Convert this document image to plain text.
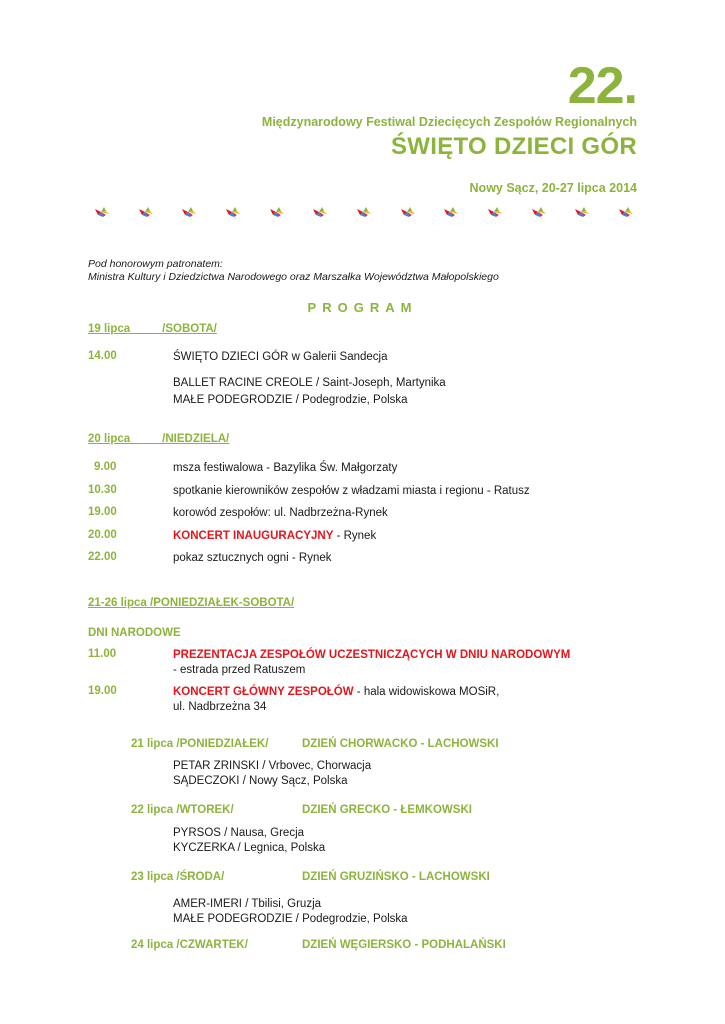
22.
Międzynarodowy Festiwal Dziecięcych Zespołów Regionalnych
ŚWIĘTO DZIECI GÓR
Nowy Sącz, 20-27 lipca 2014
Pod honorowym patronatem:
Ministra Kultury i Dziedzictwa Narodowego oraz Marszałka Województwa Małopolskiego
PROGRAM
19 lipca          /SOBOTA/
14.00	ŚWIĘTO DZIECI GÓR w Galerii Sandecja
BALLET RACINE CREOLE / Saint-Joseph, Martynika
MAŁE PODEGRODZIE / Podegrodzie, Polska
20 lipca          /NIEDZIELA/
9.00	msza festiwalowa - Bazylika Św. Małgorzaty
10.30	spotkanie kierowników zespołów z władzami miasta i regionu - Ratusz
19.00	korowód zespołów: ul. Nadbrzeżna-Rynek
20.00	KONCERT INAUGURACYJNY - Rynek
22.00	pokaz sztucznych ogni - Rynek
21-26 lipca /PONIEDZIAŁEK-SOBOTA/
DNI NARODOWE
11.00	PREZENTACJA ZESPOŁÓW UCZESTNICZĄCYCH W DNIU NARODOWYM
- estrada przed Ratuszem
19.00	KONCERT GŁÓWNY ZESPOŁÓW - hala widowiskowa MOSiR,
ul. Nadbrzeżna 34
21 lipca /PONIEDZIAŁEK/	DZIEŃ CHORWACKO - LACHOWSKI
PETAR ZRINSKI / Vrbovec, Chorwacja
SĄDECZOKI / Nowy Sącz, Polska
22 lipca /WTOREK/	DZIEŃ GRECKO - ŁEMKOWSKI
PYRSOS / Nausa, Grecja
KYCZERKA / Legnica, Polska
23 lipca /ŚRODA/	DZIEŃ GRUZIŃSKO - LACHOWSKI
AMER-IMERI / Tbilisi, Gruzja
MAŁE PODEGRODZIE / Podegrodzie, Polska
24 lipca /CZWARTEK/	DZIEŃ WĘGIERSKO - PODHALAŃSKI
